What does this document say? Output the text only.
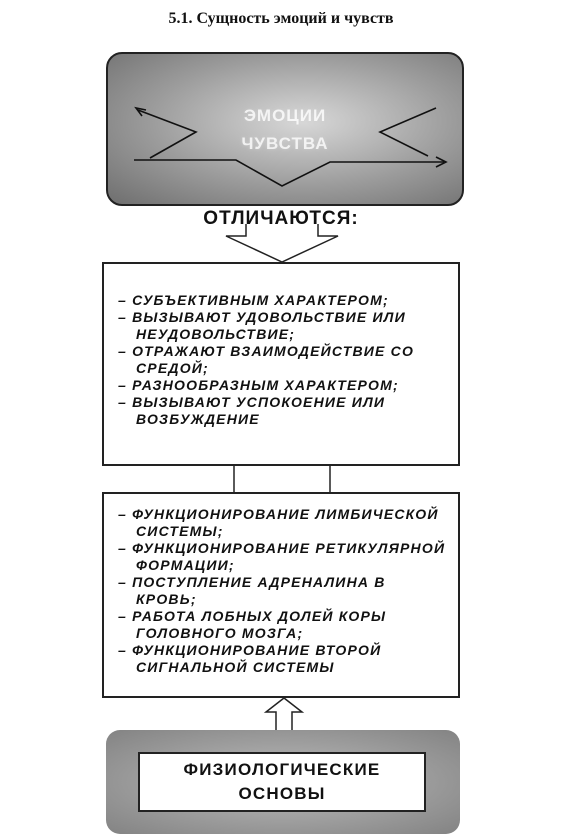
5.1. Сущность эмоций и чувств
ЭМОЦИИ
ЧУВСТВА
ОТЛИЧАЮТСЯ:
– СУБЪЕКТИВНЫМ ХАРАКТЕРОМ;
– ВЫЗЫВАЮТ УДОВОЛЬСТВИЕ ИЛИ НЕУДОВОЛЬСТВИЕ;
– ОТРАЖАЮТ ВЗАИМОДЕЙСТВИЕ СО СРЕДОЙ;
– РАЗНООБРАЗНЫМ ХАРАКТЕРОМ;
– ВЫЗЫВАЮТ УСПОКОЕНИЕ ИЛИ ВОЗБУЖДЕНИЕ
– ФУНКЦИОНИРОВАНИЕ ЛИМБИЧЕСКОЙ СИСТЕМЫ;
– ФУНКЦИОНИРОВАНИЕ РЕТИКУЛЯРНОЙ ФОРМАЦИИ;
– ПОСТУПЛЕНИЕ АДРЕНАЛИНА В КРОВЬ;
– РАБОТА ЛОБНЫХ ДОЛЕЙ КОРЫ ГОЛОВНОГО МОЗГА;
– ФУНКЦИОНИРОВАНИЕ ВТОРОЙ СИГНАЛЬНОЙ СИСТЕМЫ
ФИЗИОЛОГИЧЕСКИЕ
ОСНОВЫ
